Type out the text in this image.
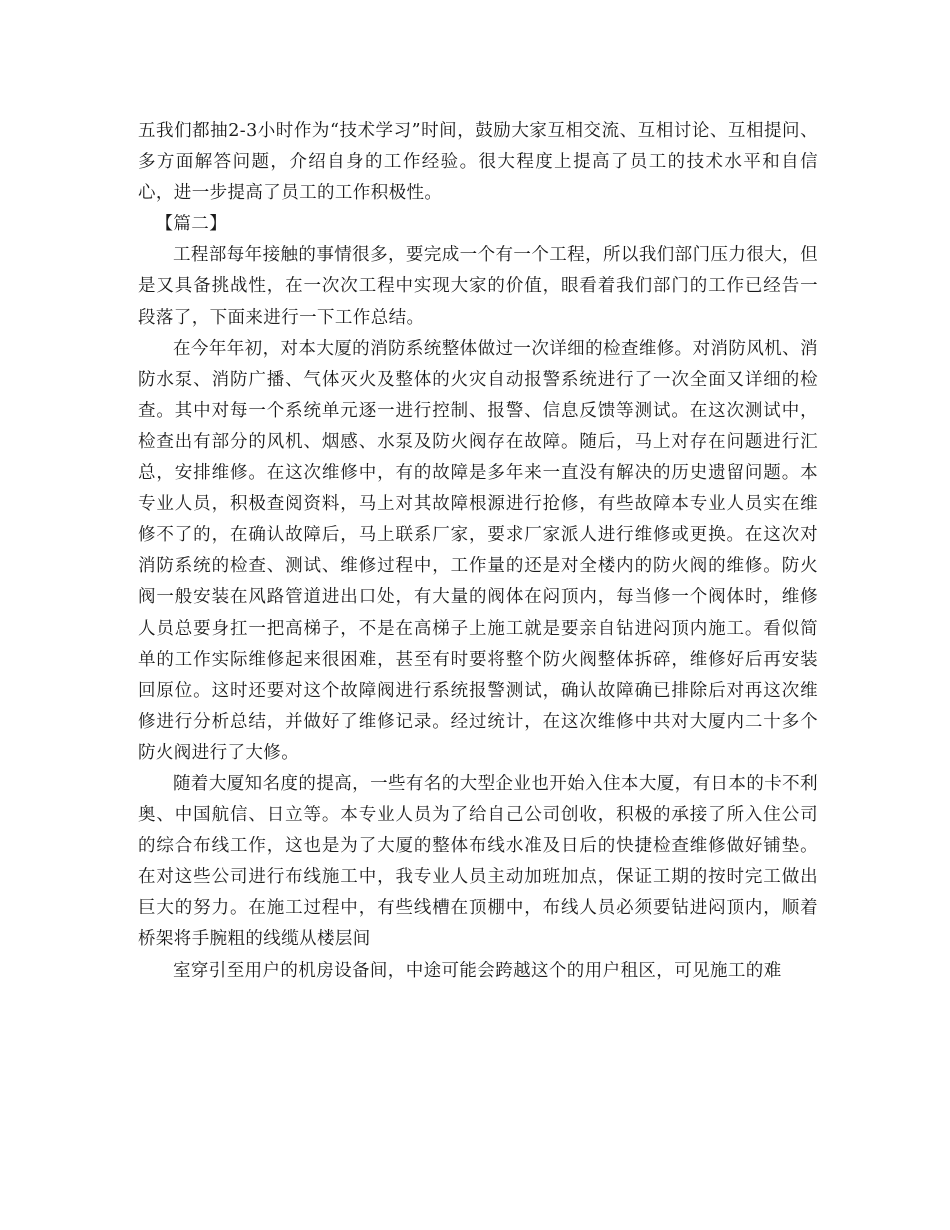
五我们都抽2-3小时作为“技术学习”时间，鼓励大家互相交流、互相讨论、互相提问、多方面解答问题，介绍自身的工作经验。很大程度上提高了员工的技术水平和自信心，进一步提高了员工的工作积极性。

【篇二】

工程部每年接触的事情很多，要完成一个有一个工程，所以我们部门压力很大，但是又具备挑战性，在一次次工程中实现大家的价值，眼看着我们部门的工作已经告一段落了，下面来进行一下工作总结。

在今年年初，对本大厦的消防系统整体做过一次详细的检查维修。对消防风机、消防水泵、消防广播、气体灭火及整体的火灾自动报警系统进行了一次全面又详细的检查。其中对每一个系统单元逐一进行控制、报警、信息反馈等测试。在这次测试中，检查出有部分的风机、烟感、水泵及防火阀存在故障。随后，马上对存在问题进行汇总，安排维修。在这次维修中，有的故障是多年来一直没有解决的历史遗留问题。本专业人员，积极查阅资料，马上对其故障根源进行抢修，有些故障本专业人员实在维修不了的，在确认故障后，马上联系厂家，要求厂家派人进行维修或更换。在这次对消防系统的检查、测试、维修过程中，工作量的还是对全楼内的防火阀的维修。防火阀一般安装在风路管道进出口处，有大量的阀体在闷顶内，每当修一个阀体时，维修人员总要身扛一把高梯子，不是在高梯子上施工就是要亲自钻进闷顶内施工。看似简单的工作实际维修起来很困难，甚至有时要将整个防火阀整体拆碎，维修好后再安装回原位。这时还要对这个故障阀进行系统报警测试，确认故障确已排除后对再这次维修进行分析总结，并做好了维修记录。经过统计，在这次维修中共对大厦内二十多个防火阀进行了大修。

随着大厦知名度的提高，一些有名的大型企业也开始入住本大厦，有日本的卡不利奥、中国航信、日立等。本专业人员为了给自己公司创收，积极的承接了所入住公司的综合布线工作，这也是为了大厦的整体布线水准及日后的快捷检查维修做好铺垫。在对这些公司进行布线施工中，我专业人员主动加班加点，保证工期的按时完工做出巨大的努力。在施工过程中，有些线槽在顶棚中，布线人员必须要钻进闷顶内，顺着桥架将手腕粗的线缆从楼层间

室穿引至用户的机房设备间，中途可能会跨越这个的用户租区，可见施工的难
